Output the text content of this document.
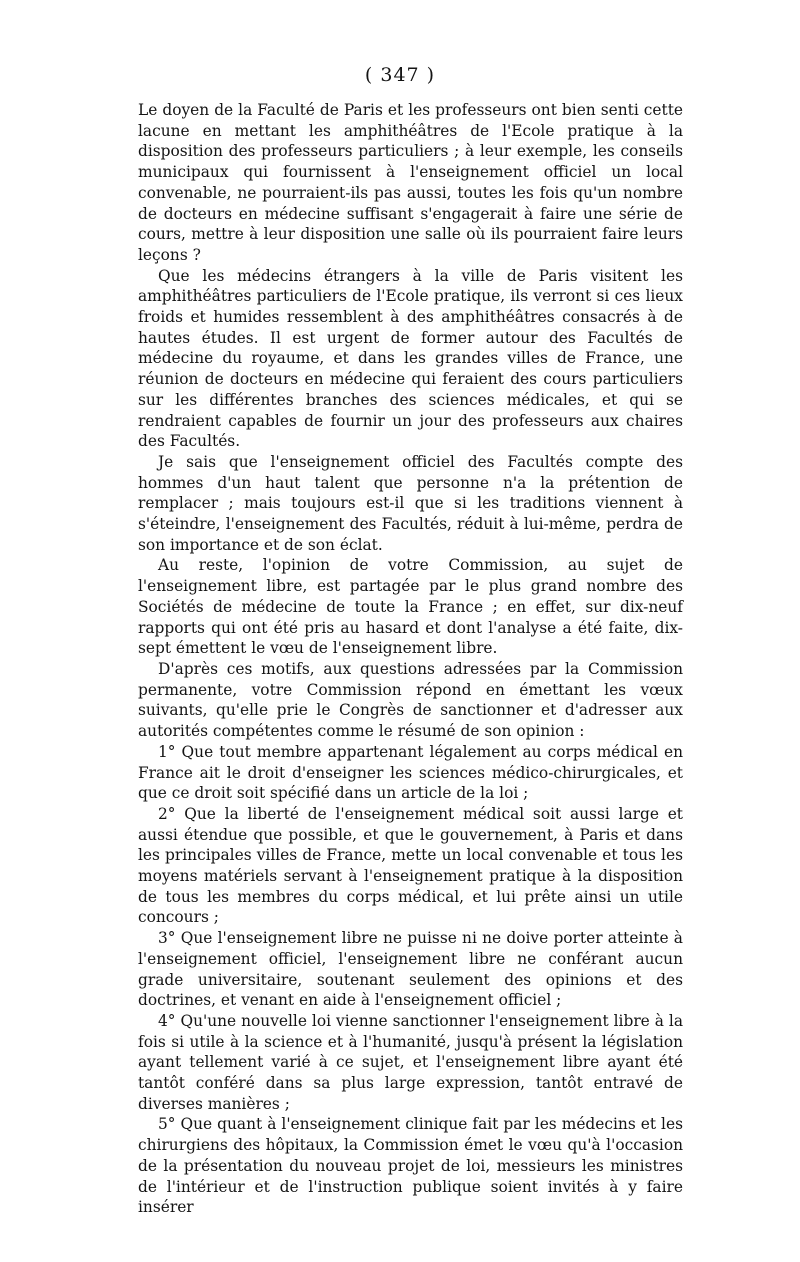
( 347 )

Le doyen de la Faculté de Paris et les professeurs ont bien senti cette lacune en mettant les amphithéâtres de l'Ecole pratique à la disposition des professeurs particuliers ; à leur exemple, les conseils municipaux qui fournissent à l'enseignement officiel un local convenable, ne pourraient-ils pas aussi, toutes les fois qu'un nombre de docteurs en médecine suffisant s'engagerait à faire une série de cours, mettre à leur disposition une salle où ils pourraient faire leurs leçons ?

Que les médecins étrangers à la ville de Paris visitent les amphithéâtres particuliers de l'Ecole pratique, ils verront si ces lieux froids et humides ressemblent à des amphithéâtres consacrés à de hautes études. Il est urgent de former autour des Facultés de médecine du royaume, et dans les grandes villes de France, une réunion de docteurs en médecine qui feraient des cours particuliers sur les différentes branches des sciences médicales, et qui se rendraient capables de fournir un jour des professeurs aux chaires des Facultés.

Je sais que l'enseignement officiel des Facultés compte des hommes d'un haut talent que personne n'a la prétention de remplacer ; mais toujours est-il que si les traditions viennent à s'éteindre, l'enseignement des Facultés, réduit à lui-même, perdra de son importance et de son éclat.

Au reste, l'opinion de votre Commission, au sujet de l'enseignement libre, est partagée par le plus grand nombre des Sociétés de médecine de toute la France ; en effet, sur dix-neuf rapports qui ont été pris au hasard et dont l'analyse a été faite, dix-sept émettent le vœu de l'enseignement libre.

D'après ces motifs, aux questions adressées par la Commission permanente, votre Commission répond en émettant les vœux suivants, qu'elle prie le Congrès de sanctionner et d'adresser aux autorités compétentes comme le résumé de son opinion :

1° Que tout membre appartenant légalement au corps médical en France ait le droit d'enseigner les sciences médico-chirurgicales, et que ce droit soit spécifié dans un article de la loi ;

2° Que la liberté de l'enseignement médical soit aussi large et aussi étendue que possible, et que le gouvernement, à Paris et dans les principales villes de France, mette un local convenable et tous les moyens matériels servant à l'enseignement pratique à la disposition de tous les membres du corps médical, et lui prête ainsi un utile concours ;

3° Que l'enseignement libre ne puisse ni ne doive porter atteinte à l'enseignement officiel, l'enseignement libre ne conférant aucun grade universitaire, soutenant seulement des opinions et des doctrines, et venant en aide à l'enseignement officiel ;

4° Qu'une nouvelle loi vienne sanctionner l'enseignement libre à la fois si utile à la science et à l'humanité, jusqu'à présent la législation ayant tellement varié à ce sujet, et l'enseignement libre ayant été tantôt conféré dans sa plus large expression, tantôt entravé de diverses manières ;

5° Que quant à l'enseignement clinique fait par les médecins et les chirurgiens des hôpitaux, la Commission émet le vœu qu'à l'occasion de la présentation du nouveau projet de loi, messieurs les ministres de l'intérieur et de l'instruction publique soient invités à y faire insérer
